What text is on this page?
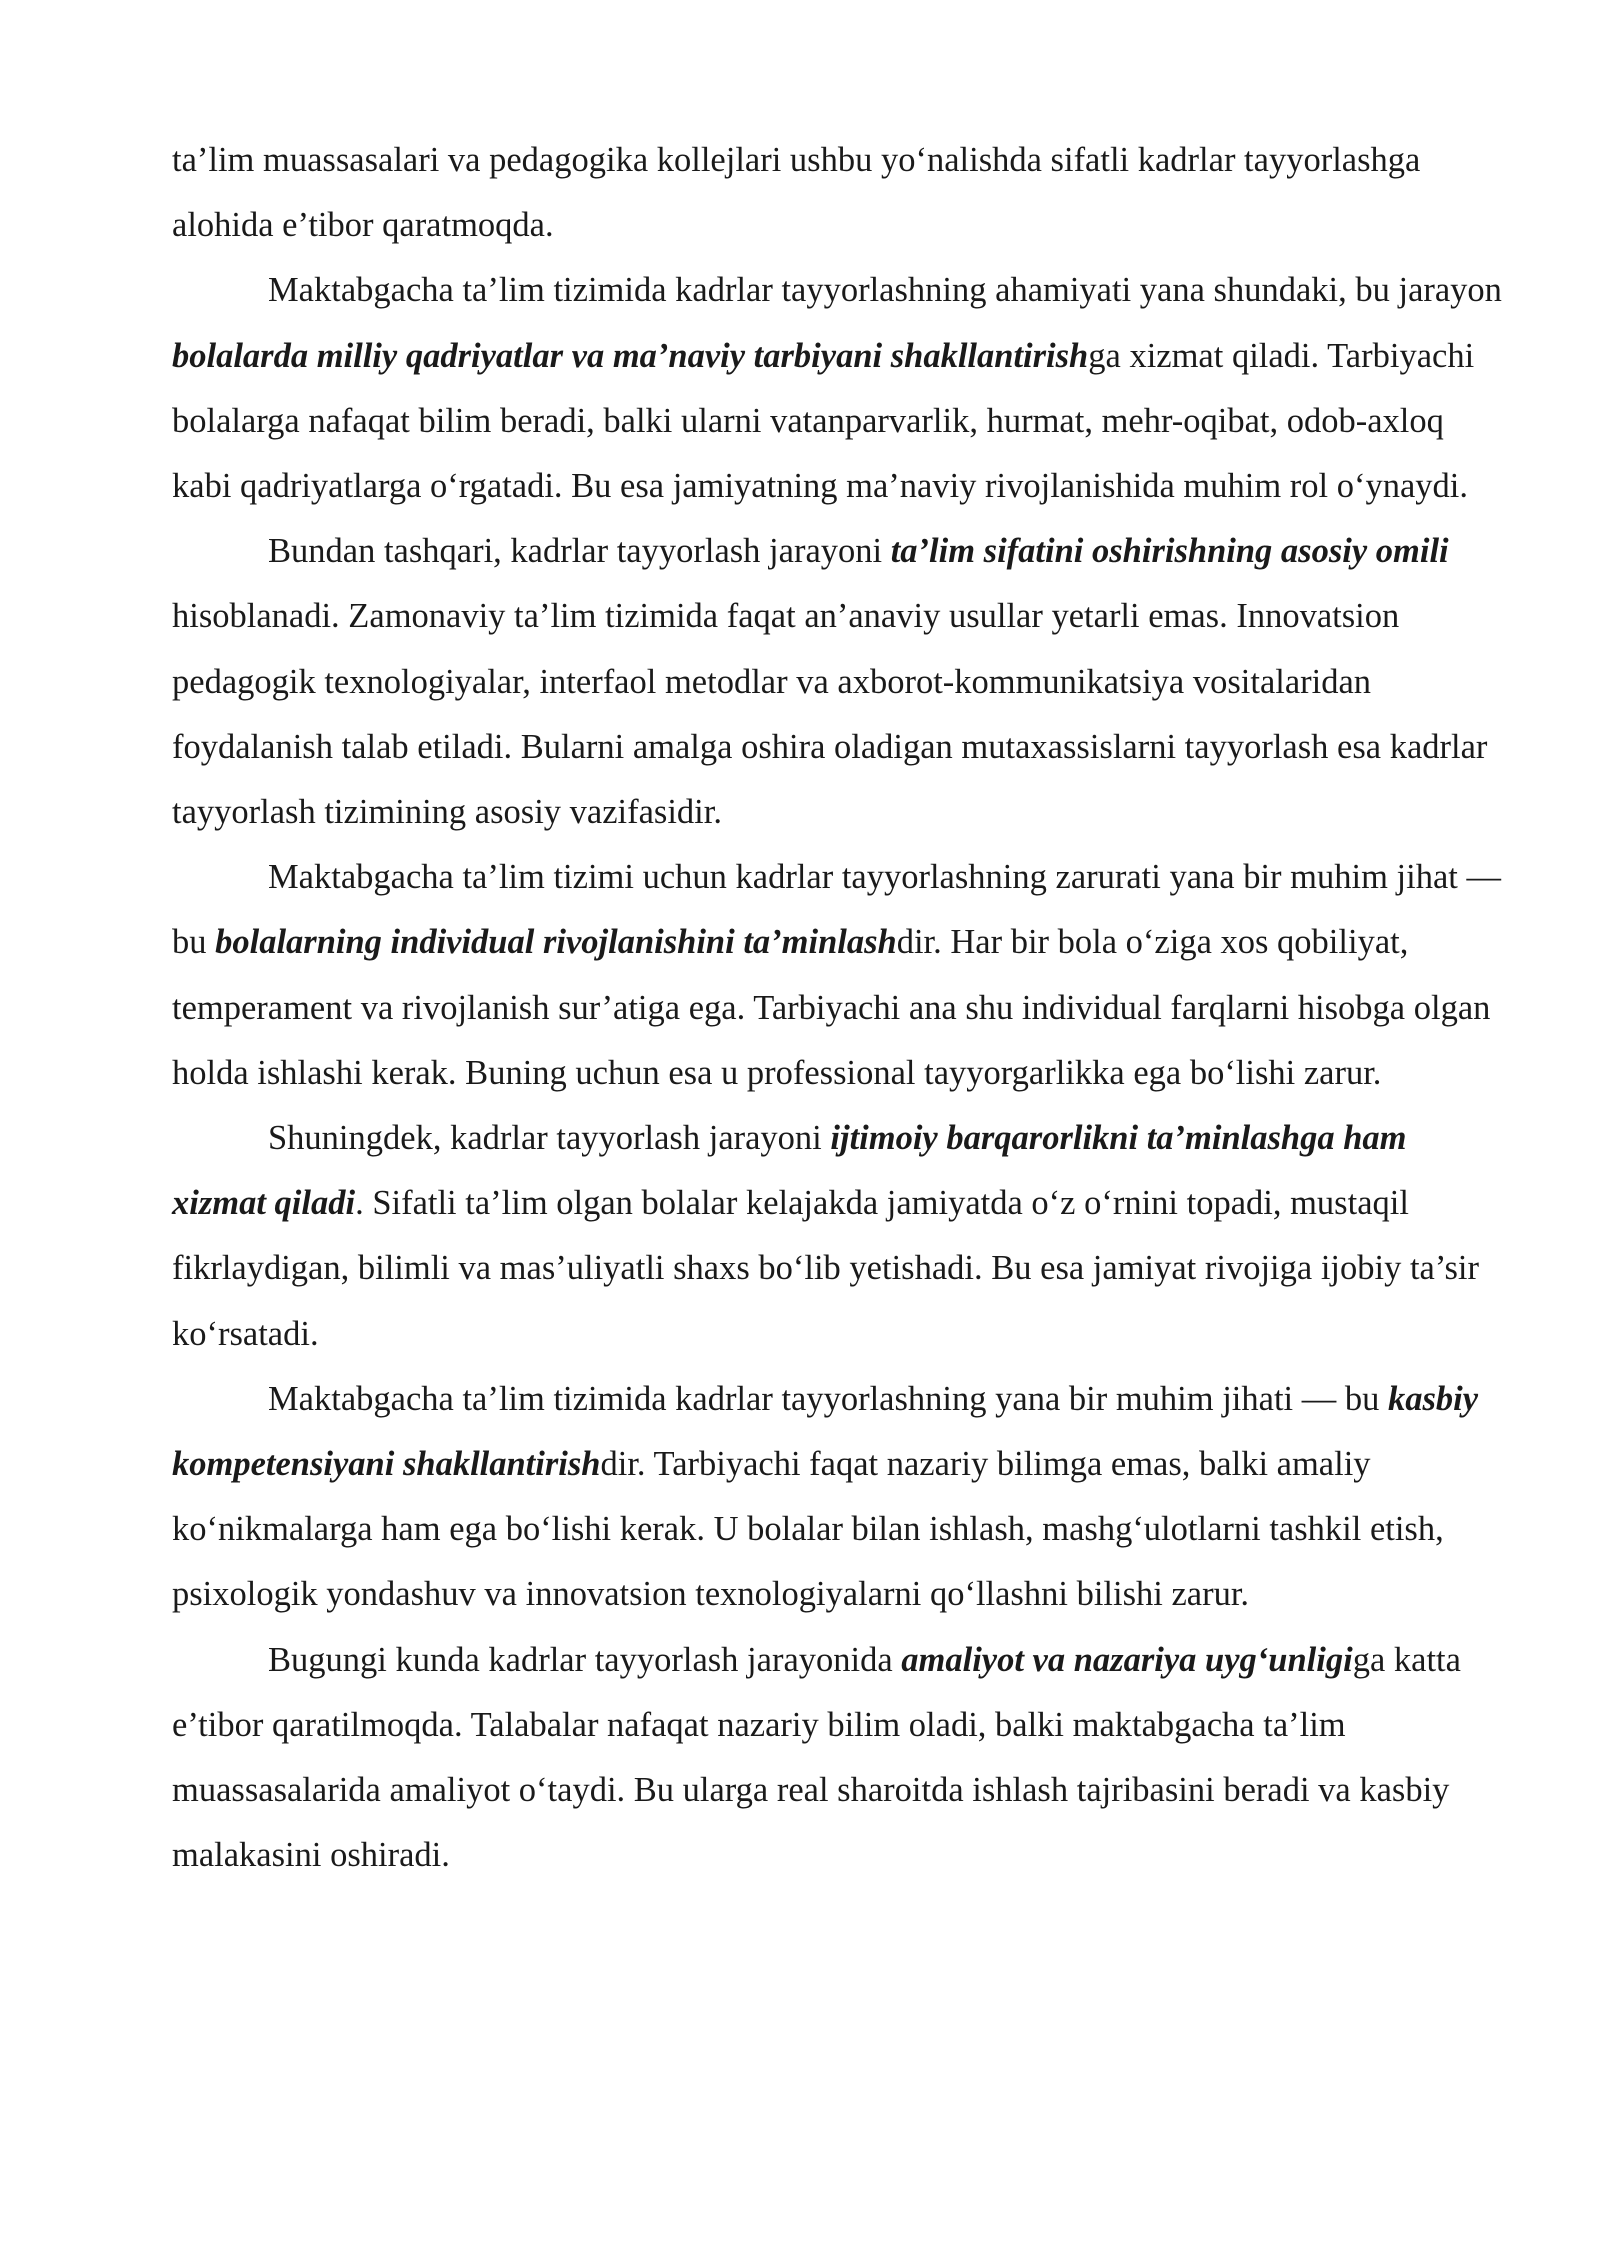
ta’lim muassasalari va pedagogika kollejlari ushbu yo‘nalishda sifatli kadrlar tayyorlashga alohida e’tibor qaratmoqda.

Maktabgacha ta’lim tizimida kadrlar tayyorlashning ahamiyati yana shundaki, bu jarayon bolalarda milliy qadriyatlar va ma’naviy tarbiyani shakllantirishga xizmat qiladi. Tarbiyachi bolalarga nafaqat bilim beradi, balki ularni vatanparvarlik, hurmat, mehr-oqibat, odob-axloq kabi qadriyatlarga o‘rgatadi. Bu esa jamiyatning ma’naviy rivojlanishida muhim rol o‘ynaydi.

Bundan tashqari, kadrlar tayyorlash jarayoni ta’lim sifatini oshirishning asosiy omili hisoblanadi. Zamonaviy ta’lim tizimida faqat an’anaviy usullar yetarli emas. Innovatsion pedagogik texnologiyalar, interfaol metodlar va axborot-kommunikatsiya vositalaridan foydalanish talab etiladi. Bularni amalga oshira oladigan mutaxassislarni tayyorlash esa kadrlar tayyorlash tizimining asosiy vazifasidir.

Maktabgacha ta’lim tizimi uchun kadrlar tayyorlashning zarurati yana bir muhim jihat — bu bolalarning individual rivojlanishini ta’minlashdir. Har bir bola o‘ziga xos qobiliyat, temperament va rivojlanish sur’atiga ega. Tarbiyachi ana shu individual farqlarni hisobga olgan holda ishlashi kerak. Buning uchun esa u professional tayyorgarlikka ega bo‘lishi zarur.

Shuningdek, kadrlar tayyorlash jarayoni ijtimoiy barqarorlikni ta’minlashga ham xizmat qiladi. Sifatli ta’lim olgan bolalar kelajakda jamiyatda o‘z o‘rnini topadi, mustaqil fikrlaydigan, bilimli va mas’uliyatli shaxs bo‘lib yetishadi. Bu esa jamiyat rivojiga ijobiy ta’sir ko‘rsatadi.

Maktabgacha ta’lim tizimida kadrlar tayyorlashning yana bir muhim jihati — bu kasbiy kompetensiyani shakllantirishdir. Tarbiyachi faqat nazariy bilimga emas, balki amaliy ko‘nikmalarga ham ega bo‘lishi kerak. U bolalar bilan ishlash, mashg‘ulotlarni tashkil etish, psixologik yondashuv va innovatsion texnologiyalarni qo‘llashni bilishi zarur.

Bugungi kunda kadrlar tayyorlash jarayonida amaliyot va nazariya uyg‘unligiga katta e’tibor qaratilmoqda. Talabalar nafaqat nazariy bilim oladi, balki maktabgacha ta’lim muassasalarida amaliyot o‘taydi. Bu ularga real sharoitda ishlash tajribasini beradi va kasbiy malakasini oshiradi.
